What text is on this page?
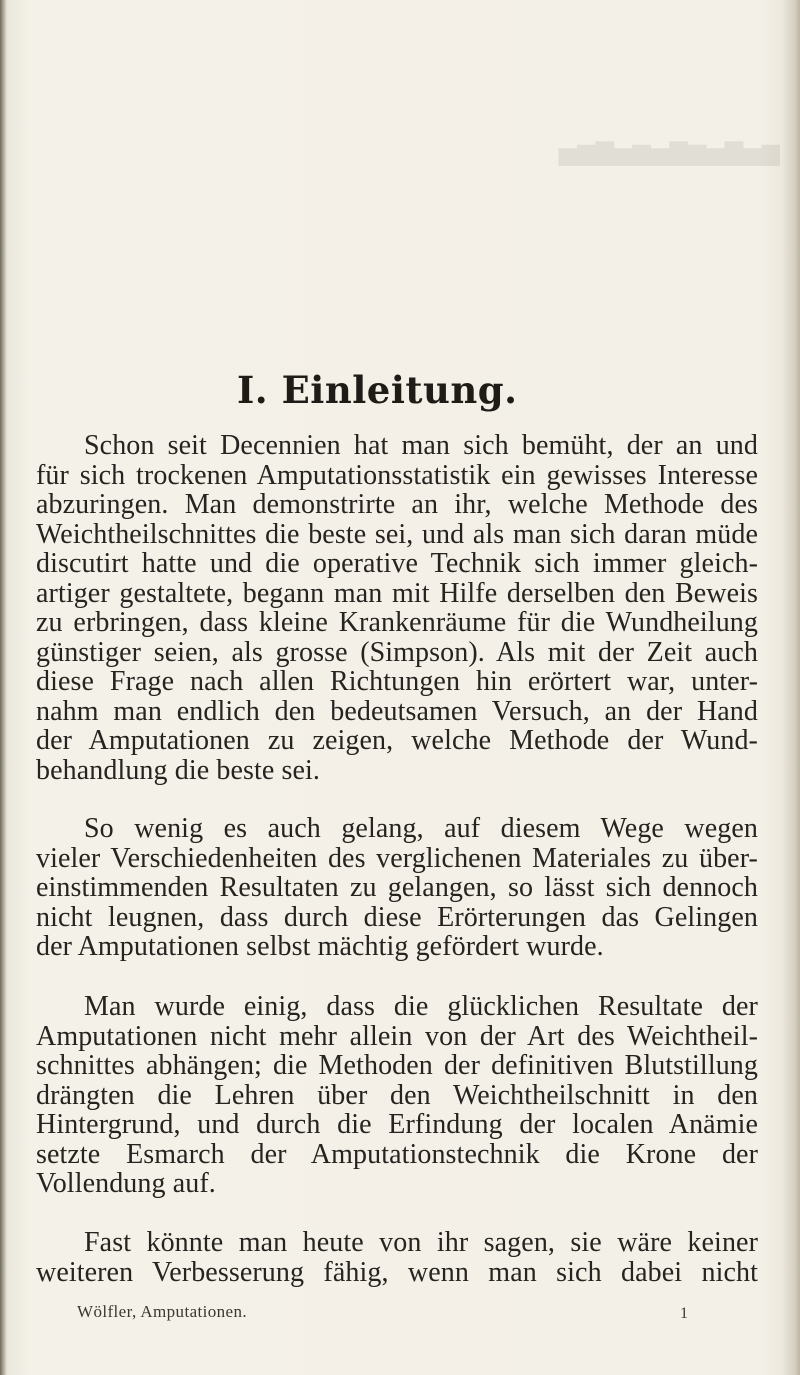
▆▅▇▅▆▇▅▆▅▇▆▅
I. Einleitung.
Schon seit Decennien hat man sich bemüht, der an und
für sich trockenen Amputationsstatistik ein gewisses Interesse
abzuringen. Man demonstrirte an ihr, welche Methode des
Weichtheilschnittes die beste sei, und als man sich daran müde
discutirt hatte und die operative Technik sich immer gleich-
artiger gestaltete, begann man mit Hilfe derselben den Beweis
zu erbringen, dass kleine Krankenräume für die Wundheilung
günstiger seien, als grosse (Simpson). Als mit der Zeit auch
diese Frage nach allen Richtungen hin erörtert war, unter-
nahm man endlich den bedeutsamen Versuch, an der Hand
der Amputationen zu zeigen, welche Methode der Wund-
behandlung die beste sei.
So wenig es auch gelang, auf diesem Wege wegen
vieler Verschiedenheiten des verglichenen Materiales zu über-
einstimmenden Resultaten zu gelangen, so lässt sich dennoch
nicht leugnen, dass durch diese Erörterungen das Gelingen
der Amputationen selbst mächtig gefördert wurde.
Man wurde einig, dass die glücklichen Resultate der
Amputationen nicht mehr allein von der Art des Weichtheil-
schnittes abhängen; die Methoden der definitiven Blutstillung
drängten die Lehren über den Weichtheilschnitt in den
Hintergrund, und durch die Erfindung der localen Anämie
setzte Esmarch der Amputationstechnik die Krone der
Vollendung auf.
Fast könnte man heute von ihr sagen, sie wäre keiner
weiteren Verbesserung fähig, wenn man sich dabei nicht

Wölfler, Amputationen.	1
